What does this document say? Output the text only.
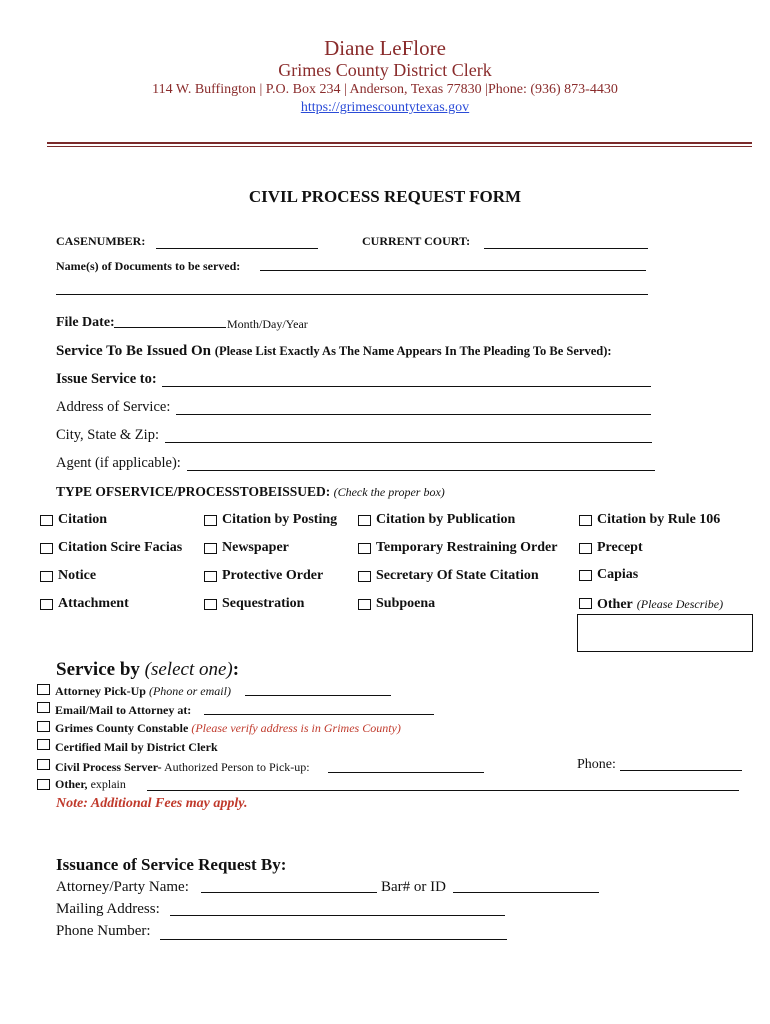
Diane LeFlore
Grimes County District Clerk
114 W. Buffington | P.O. Box 234 | Anderson, Texas 77830 |Phone: (936) 873-4430
https://grimescountytexas.gov
CIVIL PROCESS REQUEST FORM
CASENUMBER:	CURRENT COURT:
Name(s) of Documents to be served:
File Date:	Month/Day/Year
Service To Be Issued On (Please List Exactly As The Name Appears In The Pleading To Be Served):
Issue Service to:
Address of Service:
City, State & Zip:
Agent (if applicable):
TYPE OFSERVICE/PROCESSTOBEISSUED: (Check the proper box)
Citation	Citation by Posting	Citation by Publication	Citation by Rule 106
Citation Scire Facias	Newspaper	Temporary Restraining Order	Precept
Notice	Protective Order	Secretary Of State Citation	Capias
Attachment	Sequestration	Subpoena	Other (Please Describe)
Service by (select one):
Attorney Pick-Up (Phone or email)
Email/Mail to Attorney at:
Grimes County Constable (Please verify address is in Grimes County)
Certified Mail by District Clerk
Civil Process Server- Authorized Person to Pick-up:	Phone:
Other, explain
Note: Additional Fees may apply.
Issuance of Service Request By:
Attorney/Party Name:	Bar# or ID
Mailing Address:
Phone Number:
